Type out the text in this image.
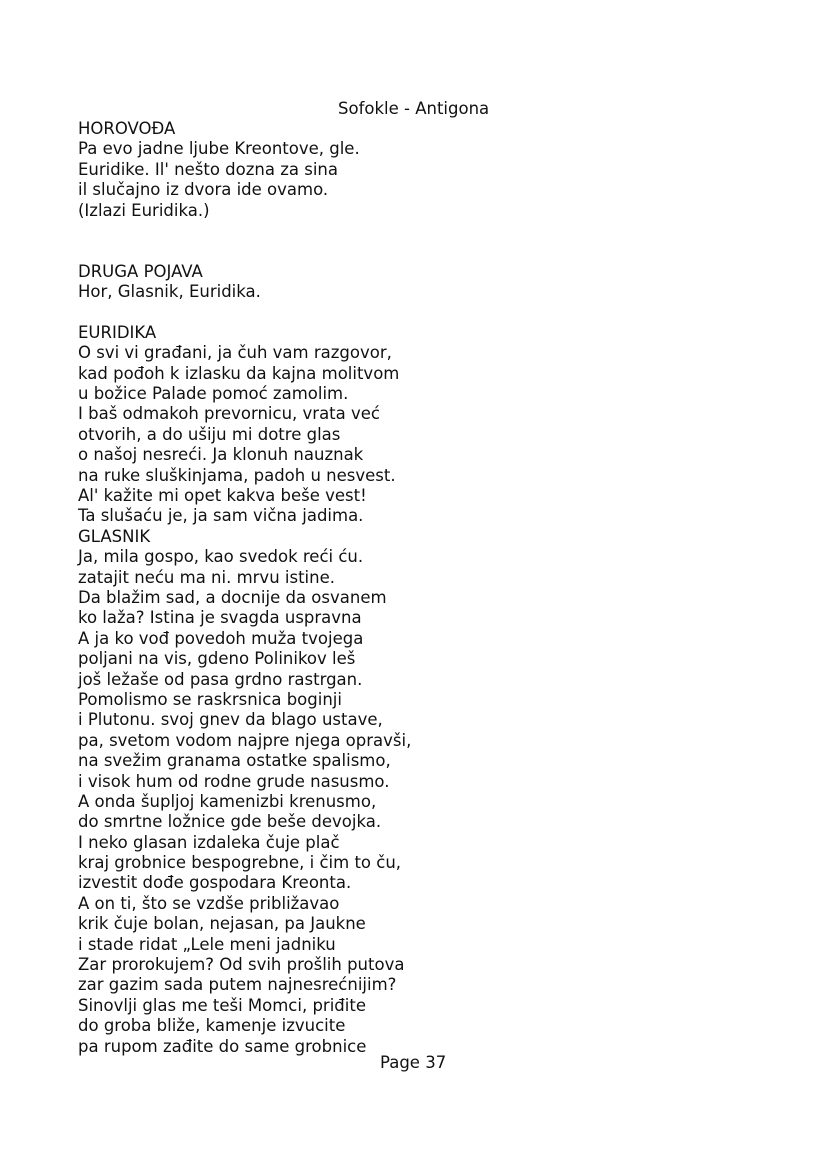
Sofokle - Antigona
HOROVOĐA
Pa evo jadne ljube Kreontove, gle.
Euridike. Il' nešto dozna za sina
il slučajno iz dvora ide ovamo.
(Izlazi Euridika.)
DRUGA POJAVA
Hor, Glasnik, Euridika.
EURIDIKA
O svi vi građani, ja čuh vam razgovor,
kad pođoh k izlasku da kajna molitvom
u božice Palade pomoć zamolim.
I baš odmakoh prevornicu, vrata već
otvorih, a do ušiju mi dotre glas
o našoj nesreći. Ja klonuh nauznak
na ruke sluškinjama, padoh u nesvest.
Al' kažite mi opet kakva beše vest!
Ta slušaću je, ja sam vična jadima.
GLASNIK
Ja, mila gospo, kao svedok reći ću.
zatajit neću ma ni. mrvu istine.
Da blažim sad, a docnije da osvanem
ko laža? Istina je svagda uspravna
A ja ko vođ povedoh muža tvojega
poljani na vis, gdeno Polinikov leš
još ležaše od pasa grdno rastrgan.
Pomolismo se raskrsnica boginji
i Plutonu. svoj gnev da blago ustave,
pa, svetom vodom najpre njega opravši,
na svežim granama ostatke spalismo,
i visok hum od rodne grude nasusmo.
A onda šupljoj kamenizbi krenusmo,
do smrtne ložnice gde beše devojka.
I neko glasan izdaleka čuje plač
kraj grobnice bespogrebne, i čim to ču,
izvestit dođe gospodara Kreonta.
A on ti, što se vzdše približavao
krik čuje bolan, nejasan, pa Jaukne
i stade ridat „Lele meni jadniku
Zar prorokujem? Od svih prošlih putova
zar gazim sada putem najnesrećnijim?
Sinovlji glas me teši Momci, priđite
do groba bliže, kamenje izvucite
pa rupom zađite do same grobnice
Page 37
